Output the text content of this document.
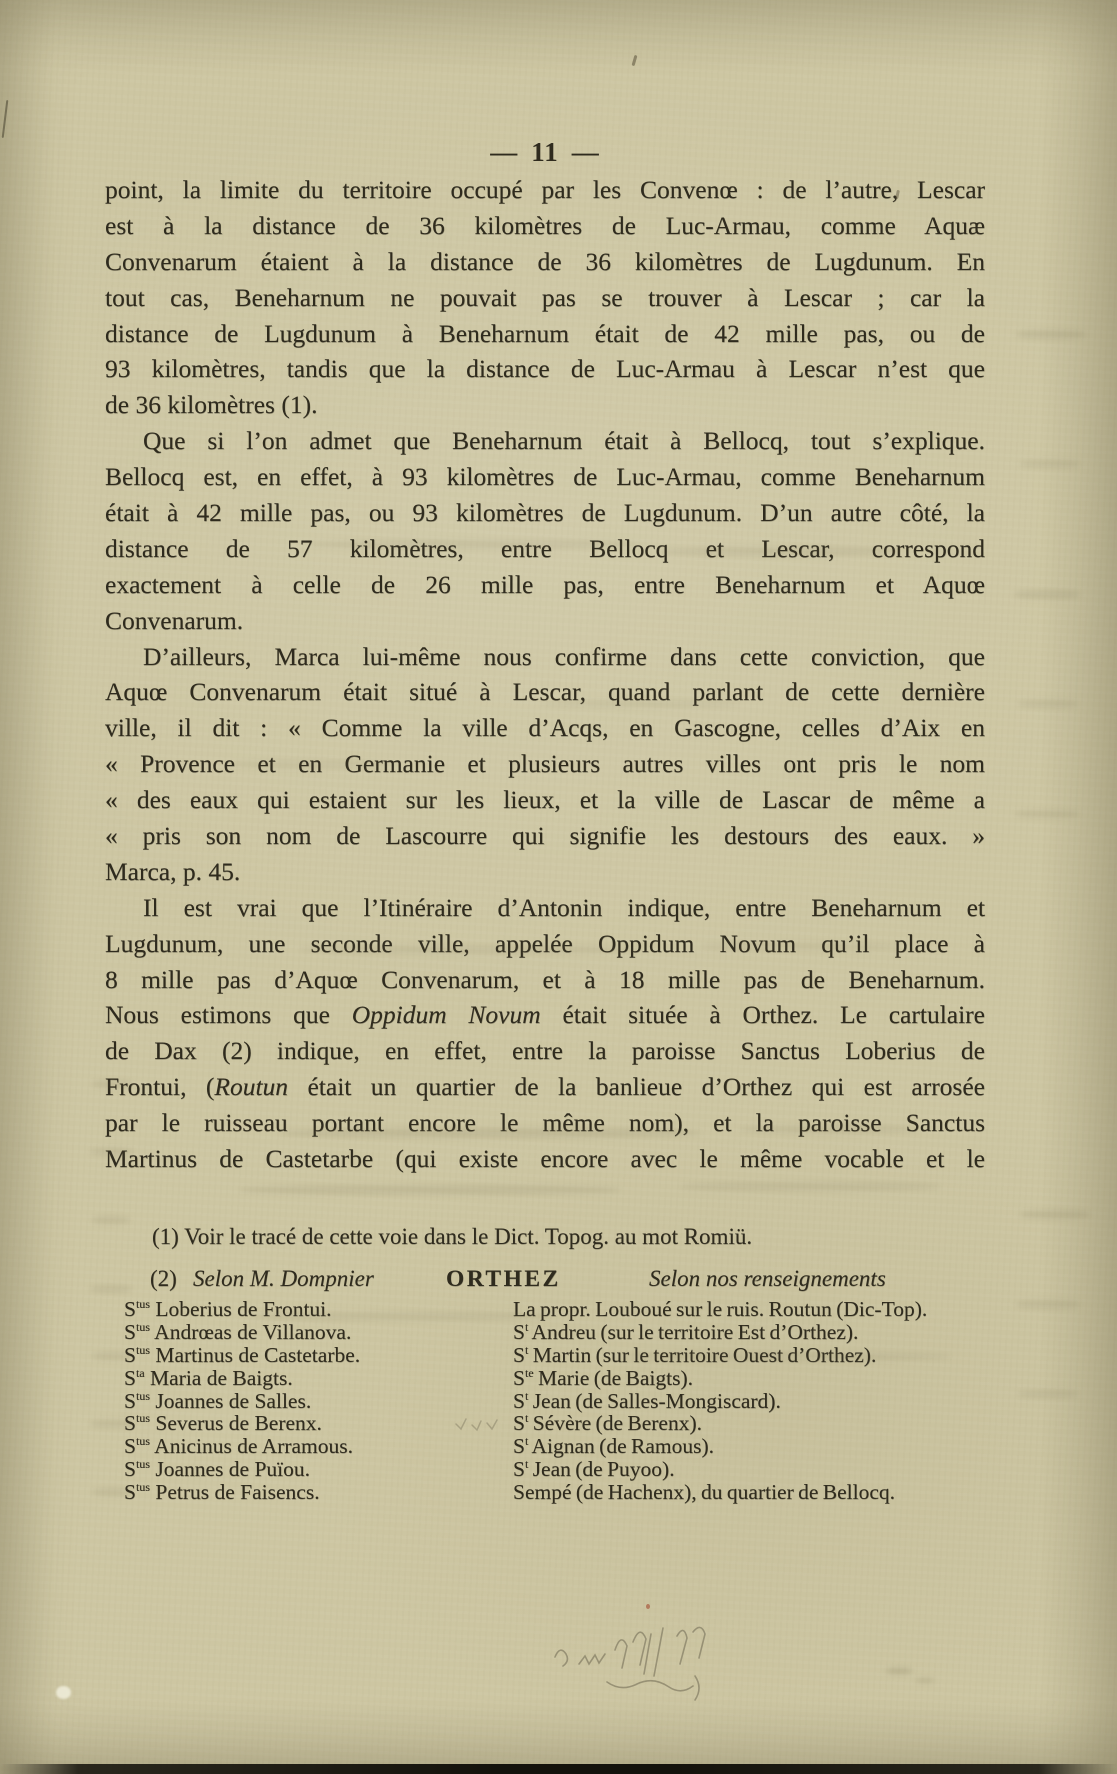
— 11 —

point, la limite du territoire occupé par les Convenœ : de l’autre, Lescar
est à la distance de 36 kilomètres de Luc-Armau, comme Aquæ
Convenarum étaient à la distance de 36 kilomètres de Lugdunum. En
tout cas, Beneharnum ne pouvait pas se trouver à Lescar ; car la
distance de Lugdunum à Beneharnum était de 42 mille pas, ou de
93 kilomètres, tandis que la distance de Luc-Armau à Lescar n’est que
de 36 kilomètres (1).

Que si l’on admet que Beneharnum était à Bellocq, tout s’explique.
Bellocq est, en effet, à 93 kilomètres de Luc-Armau, comme Beneharnum
était à 42 mille pas, ou 93 kilomètres de Lugdunum. D’un autre côté, la
distance de 57 kilomètres, entre Bellocq et Lescar, correspond
exactement à celle de 26 mille pas, entre Beneharnum et Aquœ
Convenarum.

D’ailleurs, Marca lui-même nous confirme dans cette conviction, que
Aquœ Convenarum était situé à Lescar, quand parlant de cette dernière
ville, il dit : « Comme la ville d’Acqs, en Gascogne, celles d’Aix en
« Provence et en Germanie et plusieurs autres villes ont pris le nom
« des eaux qui estaient sur les lieux, et la ville de Lascar de même a
« pris son nom de Lascourre qui signifie les destours des eaux. »
Marca, p. 45.

Il est vrai que l’Itinéraire d’Antonin indique, entre Beneharnum et
Lugdunum, une seconde ville, appelée Oppidum Novum qu’il place à
8 mille pas d’Aquœ Convenarum, et à 18 mille pas de Beneharnum.
Nous estimons que Oppidum Novum était située à Orthez. Le cartulaire
de Dax (2) indique, en effet, entre la paroisse Sanctus Loberius de
Frontui, (Routun était un quartier de la banlieue d’Orthez qui est arrosée
par le ruisseau portant encore le même nom), et la paroisse Sanctus
Martinus de Castetarbe (qui existe encore avec le même vocable et le

(1) Voir le tracé de cette voie dans le Dict. Topog. au mot Romiü.
(2) Selon M. Dompnier	ORTHEZ	Selon nos renseignements
$S^{tus}$ Loberius de Frontui.	La propr. Louboué sur le ruis. Routun (Dic-Top).
$S^{tus}$ Andrœas de Villanova.	$S^t$ Andreu (sur le territoire Est d’Orthez).
$S^{tus}$ Martinus de Castetarbe.	$S^t$ Martin (sur le territoire Ouest d’Orthez).
$S^{ta}$ Maria de Baigts.	$S^{te}$ Marie (de Baigts).
$S^{tus}$ Joannes de Salles.	$S^t$ Jean (de Salles-Mongiscard).
$S^{tus}$ Severus de Berenx.	$S^t$ Sévère (de Berenx).
$S^{tus}$ Anicinus de Arramous.	$S^t$ Aignan (de Ramous).
$S^{tus}$ Joannes de Puïou.	$S^t$ Jean (de Puyoo).
$S^{tus}$ Petrus de Faisencs.	Sempé (de Hachenx), du quartier de Bellocq.
